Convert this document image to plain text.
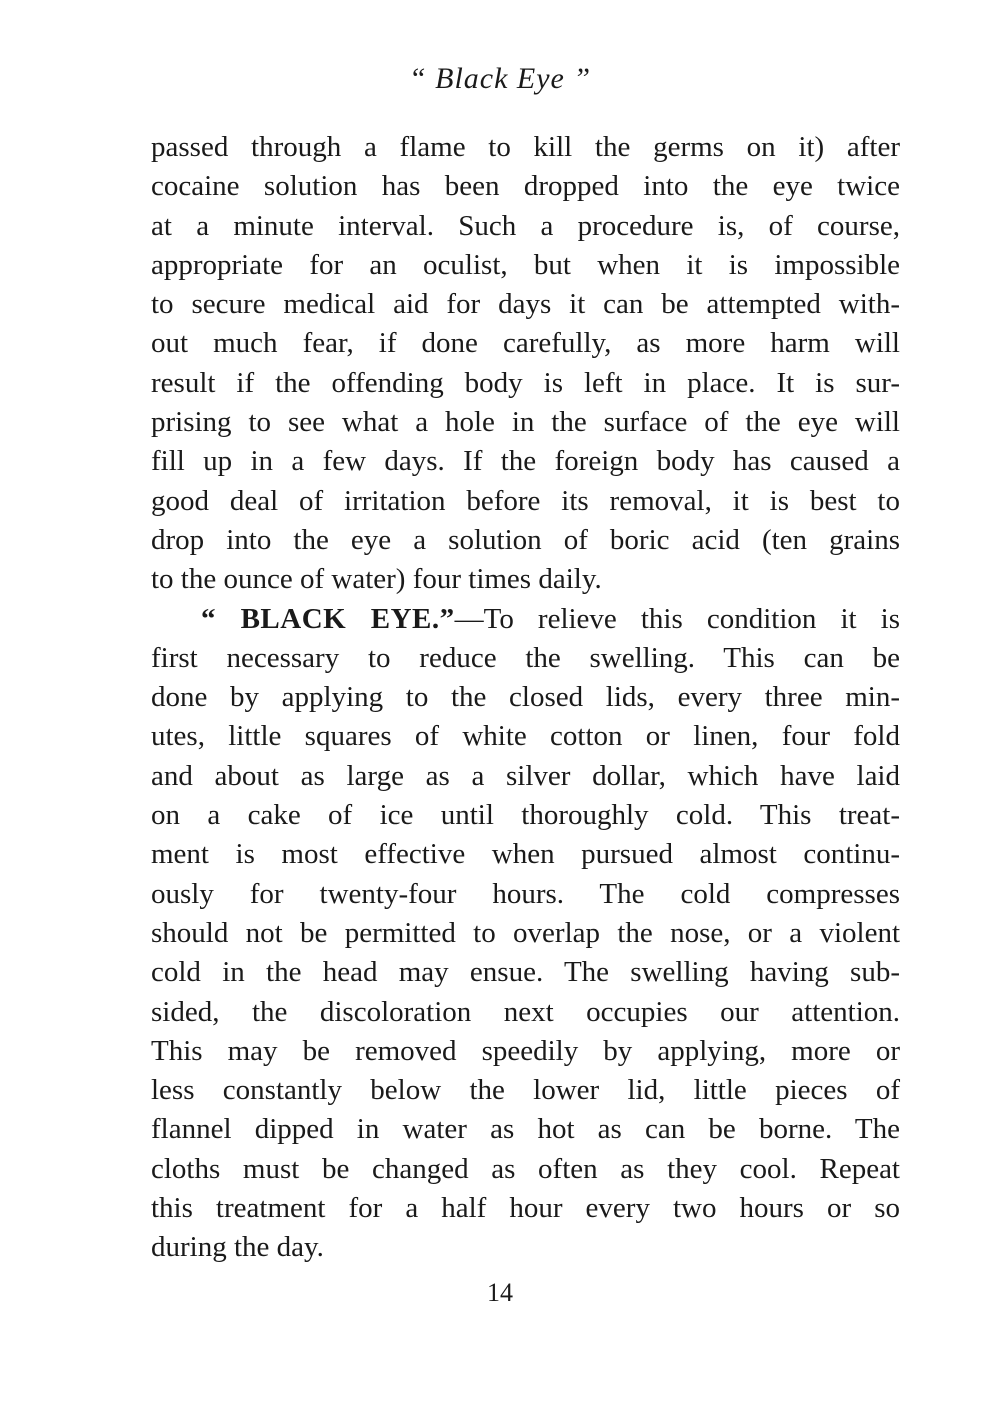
“ Black Eye ”
passed through a flame to kill the germs on it) after
cocaine solution has been dropped into the eye twice
at a minute interval. Such a procedure is, of course,
appropriate for an oculist, but when it is impossible
to secure medical aid for days it can be attempted with-
out much fear, if done carefully, as more harm will
result if the offending body is left in place. It is sur-
prising to see what a hole in the surface of the eye will
fill up in a few days. If the foreign body has caused a
good deal of irritation before its removal, it is best to
drop into the eye a solution of boric acid (ten grains
to the ounce of water) four times daily.
“ BLACK EYE.”—To relieve this condition it is
first necessary to reduce the swelling. This can be
done by applying to the closed lids, every three min-
utes, little squares of white cotton or linen, four fold
and about as large as a silver dollar, which have laid
on a cake of ice until thoroughly cold. This treat-
ment is most effective when pursued almost continu-
ously for twenty-four hours. The cold compresses
should not be permitted to overlap the nose, or a violent
cold in the head may ensue. The swelling having sub-
sided, the discoloration next occupies our attention.
This may be removed speedily by applying, more or
less constantly below the lower lid, little pieces of
flannel dipped in water as hot as can be borne. The
cloths must be changed as often as they cool. Repeat
this treatment for a half hour every two hours or so
during the day.
14
